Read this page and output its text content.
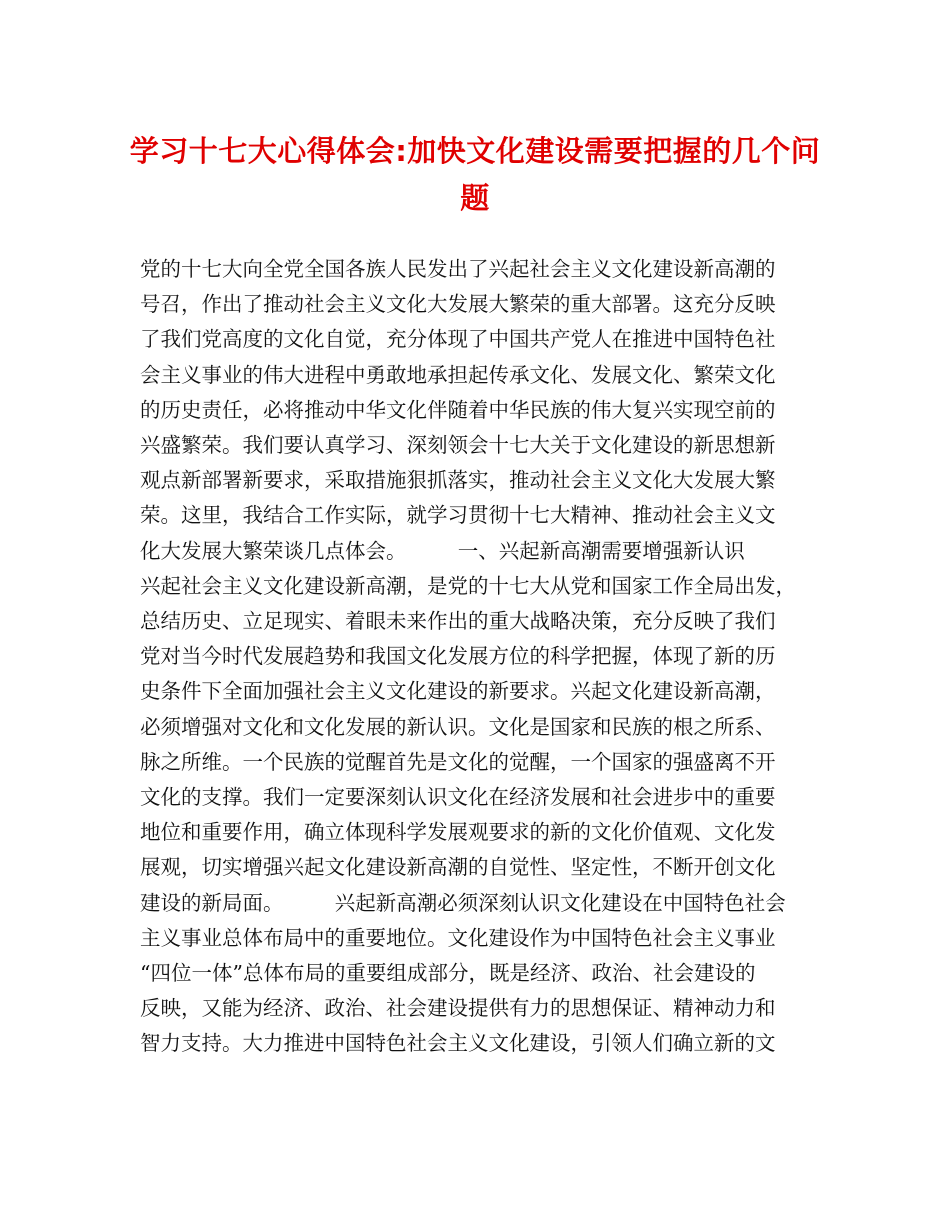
学习十七大心得体会:加快文化建设需要把握的几个问
题
党的十七大向全党全国各族人民发出了兴起社会主义文化建设新高潮的
号召，作出了推动社会主义文化大发展大繁荣的重大部署。这充分反映
了我们党高度的文化自觉，充分体现了中国共产党人在推进中国特色社
会主义事业的伟大进程中勇敢地承担起传承文化、发展文化、繁荣文化
的历史责任，必将推动中华文化伴随着中华民族的伟大复兴实现空前的
兴盛繁荣。我们要认真学习、深刻领会十七大关于文化建设的新思想新
观点新部署新要求，采取措施狠抓落实，推动社会主义文化大发展大繁
荣。这里，我结合工作实际，就学习贯彻十七大精神、推动社会主义文
化大发展大繁荣谈几点体会。　　　一、兴起新高潮需要增强新认识
兴起社会主义文化建设新高潮，是党的十七大从党和国家工作全局出发，
总结历史、立足现实、着眼未来作出的重大战略决策，充分反映了我们
党对当今时代发展趋势和我国文化发展方位的科学把握，体现了新的历
史条件下全面加强社会主义文化建设的新要求。兴起文化建设新高潮，
必须增强对文化和文化发展的新认识。文化是国家和民族的根之所系、
脉之所维。一个民族的觉醒首先是文化的觉醒，一个国家的强盛离不开
文化的支撑。我们一定要深刻认识文化在经济发展和社会进步中的重要
地位和重要作用，确立体现科学发展观要求的新的文化价值观、文化发
展观，切实增强兴起文化建设新高潮的自觉性、坚定性，不断开创文化
建设的新局面。　　　兴起新高潮必须深刻认识文化建设在中国特色社会
主义事业总体布局中的重要地位。文化建设作为中国特色社会主义事业
“四位一体”总体布局的重要组成部分，既是经济、政治、社会建设的
反映，又能为经济、政治、社会建设提供有力的思想保证、精神动力和
智力支持。大力推进中国特色社会主义文化建设，引领人们确立新的文
